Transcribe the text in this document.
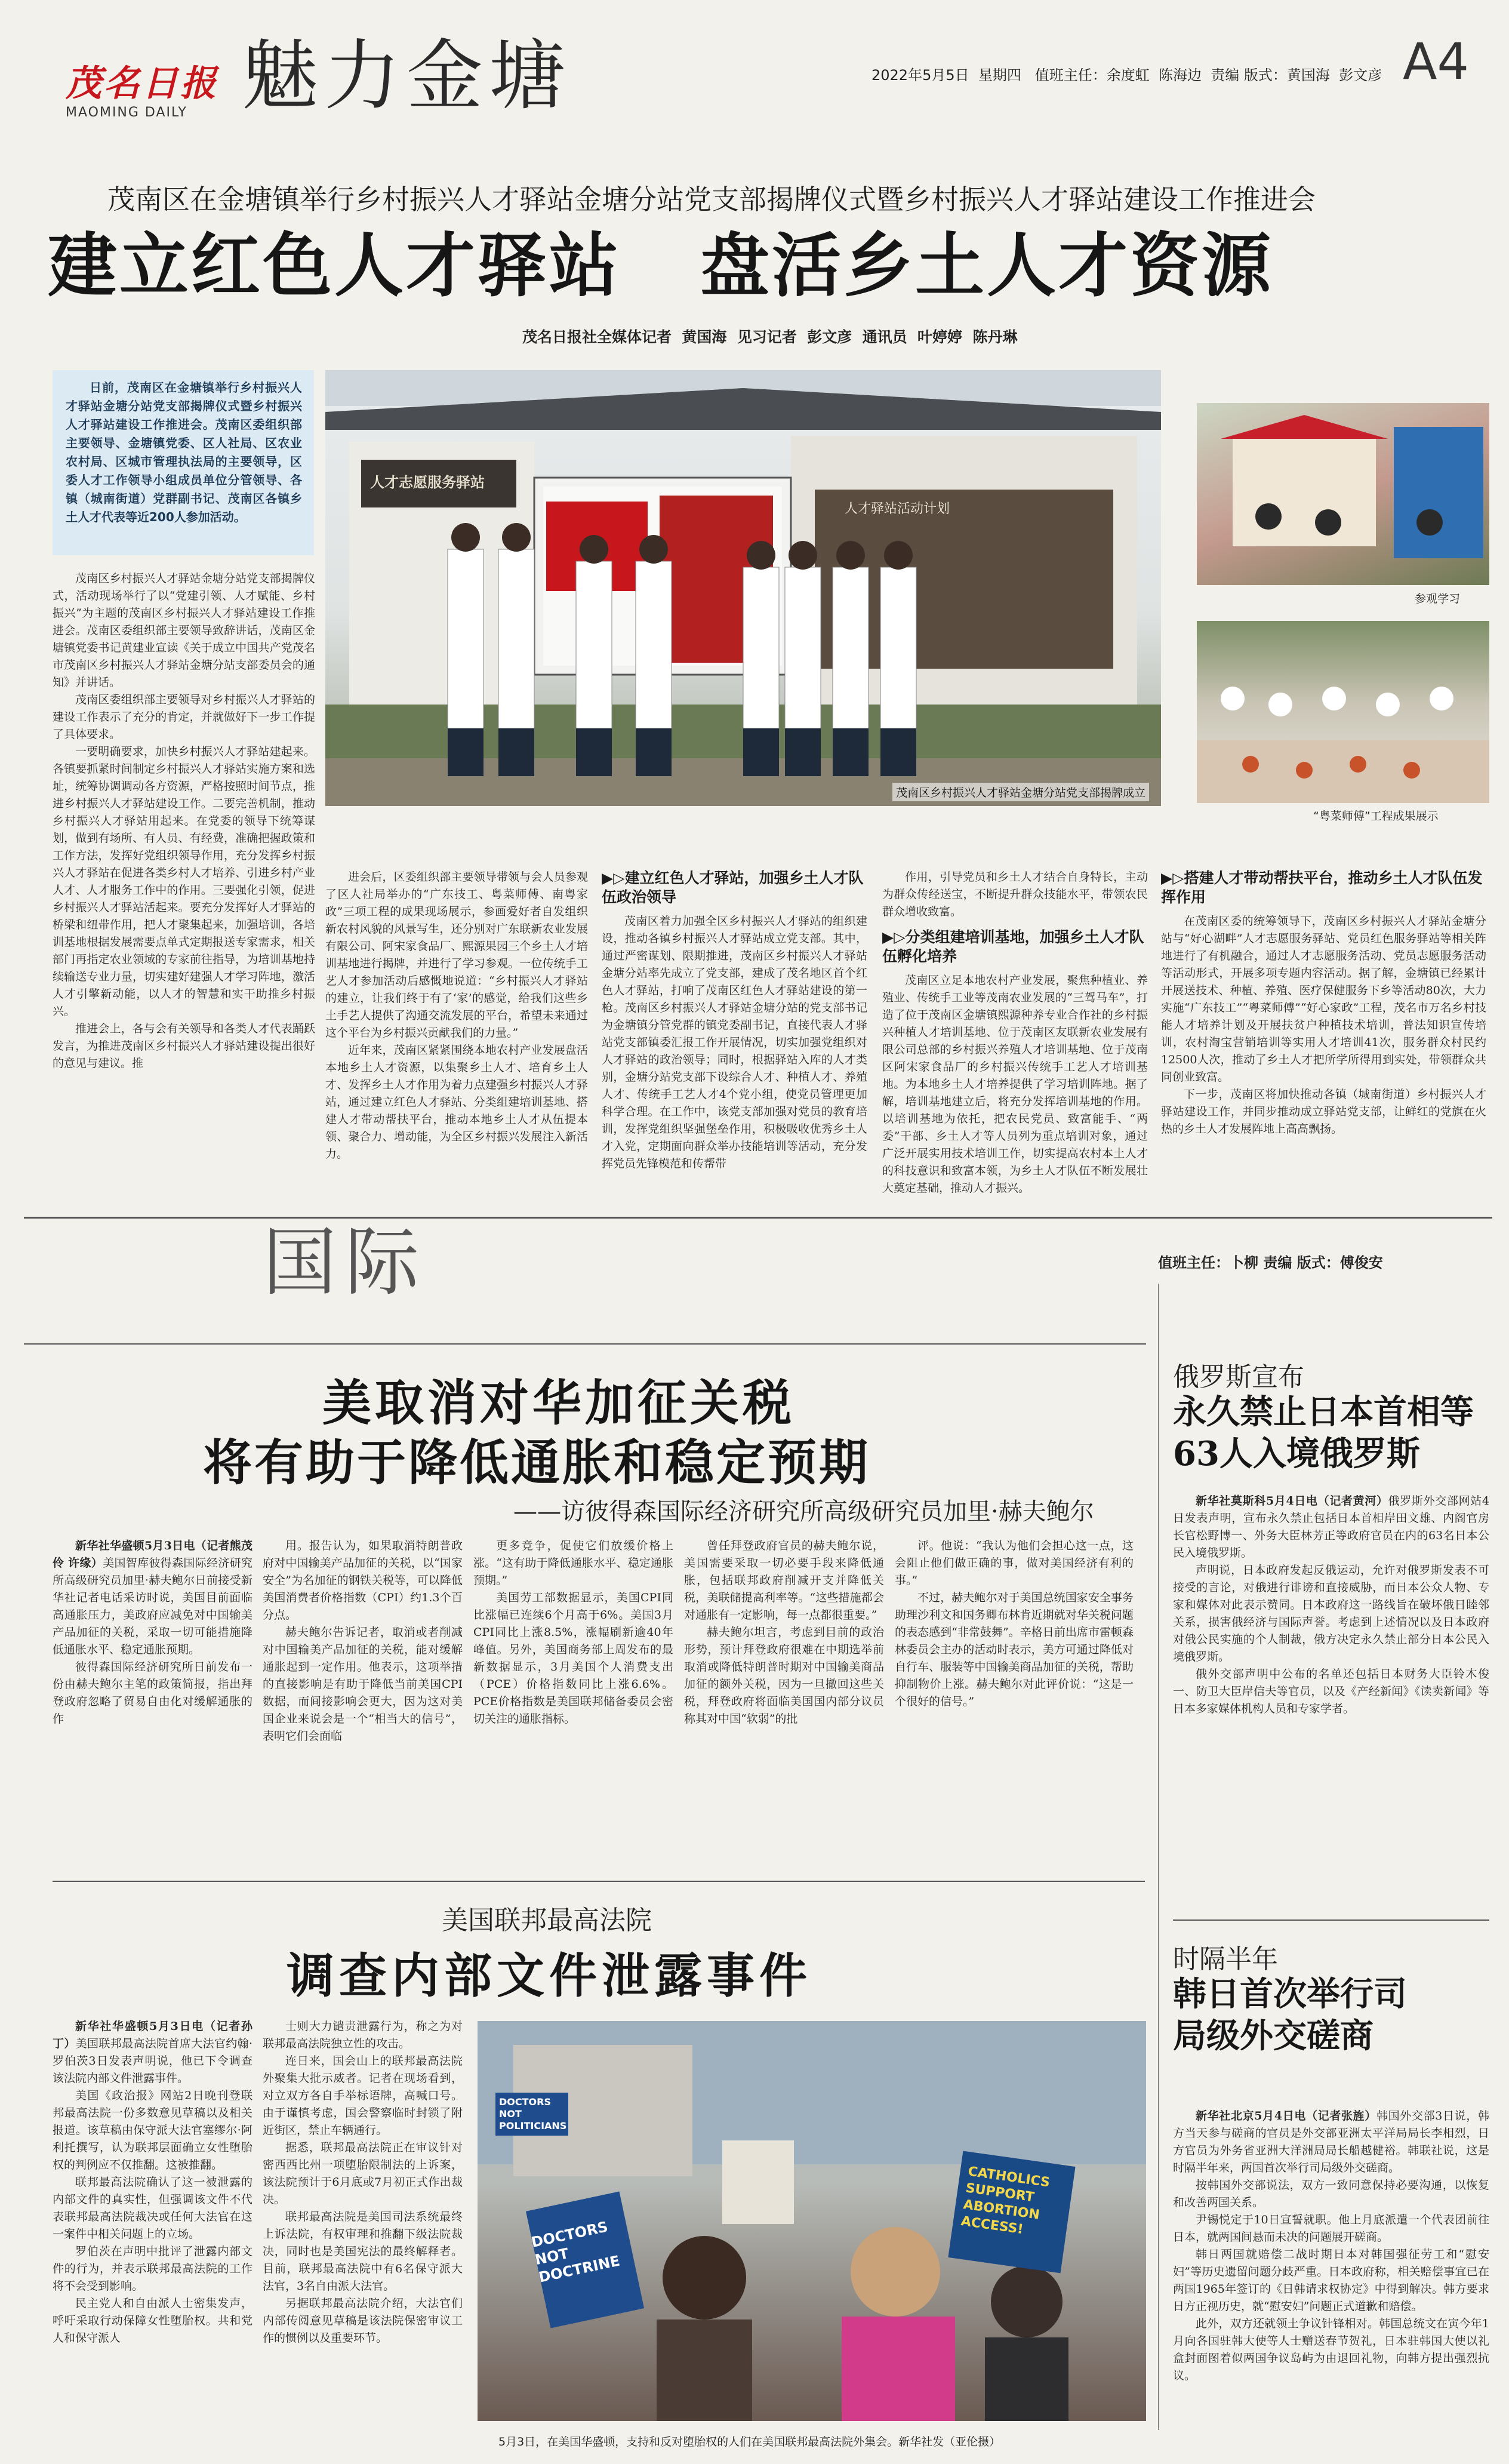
茂名日报
MAOMING DAILY 魅力金塘	2022年5月5日  星期四   值班主任：余度虹  陈海边  责编 版式：黄国海  彭文彦 A4
茂南区在金塘镇举行乡村振兴人才驿站金塘分站党支部揭牌仪式暨乡村振兴人才驿站建设工作推进会
建立红色人才驿站   盘活乡土人才资源
茂名日报社全媒体记者  黄国海  见习记者  彭文彦  通讯员  叶婷婷  陈丹琳
日前，茂南区在金塘镇举行乡村振兴人才驿站金塘分站党支部揭牌仪式暨乡村振兴人才驿站建设工作推进会。茂南区委组织部主要领导、金塘镇党委、区人社局、区农业农村局、区城市管理执法局的主要领导，区委人才工作领导小组成员单位分管领导、各镇（城南街道）党群副书记、茂南区各镇乡土人才代表等近200人参加活动。
人才志愿服务驿站
人才驿站活动计划
茂南区乡村振兴人才驿站金塘分站党支部揭牌成立
参观学习
“粤菜师傅”工程成果展示

茂南区乡村振兴人才驿站金塘分站党支部揭牌仪式，活动现场举行了以“党建引领、人才赋能、乡村振兴”为主题的茂南区乡村振兴人才驿站建设工作推进会。茂南区委组织部主要领导致辞讲话，茂南区金塘镇党委书记黄建业宣读《关于成立中国共产党茂名市茂南区乡村振兴人才驿站金塘分站支部委员会的通知》并讲话。

茂南区委组织部主要领导对乡村振兴人才驿站的建设工作表示了充分的肯定，并就做好下一步工作提了具体要求。

一要明确要求，加快乡村振兴人才驿站建起来。各镇要抓紧时间制定乡村振兴人才驿站实施方案和选址，统筹协调调动各方资源，严格按照时间节点，推进乡村振兴人才驿站建设工作。二要完善机制，推动乡村振兴人才驿站用起来。在党委的领导下统筹谋划，做到有场所、有人员、有经费，准确把握政策和工作方法，发挥好党组织领导作用，充分发挥乡村振兴人才驿站在促进各类乡村人才培养、引进乡村产业人才、人才服务工作中的作用。三要强化引领，促进乡村振兴人才驿站活起来。要充分发挥好人才驿站的桥梁和纽带作用，把人才聚集起来，加强培训，各培训基地根据发展需要点单式定期报送专家需求，相关部门再指定农业领域的专家前往指导，为培训基地持续输送专业力量，切实建好建强人才学习阵地，激活人才引擎新动能，以人才的智慧和实干助推乡村振兴。

推进会上，各与会有关领导和各类人才代表踊跃发言，为推进茂南区乡村振兴人才驿站建设提出很好的意见与建议。推

进会后，区委组织部主要领导带领与会人员参观了区人社局举办的“广东技工、粤菜师傅、南粤家政”三项工程的成果现场展示，参画爱好者自发组织新农村风貌的风景写生，还分别对广东联新农业发展有限公司、阿宋家食品厂、熙源果园三个乡土人才培训基地进行揭牌，并进行了学习参观。一位传统手工艺人才参加活动后感慨地说道：“乡村振兴人才驿站的建立，让我们终于有了‘家’的感觉，给我们这些乡土手艺人提供了沟通交流发展的平台，希望未来通过这个平台为乡村振兴贡献我们的力量。”

近年来，茂南区紧紧围绕本地农村产业发展盘活本地乡土人才资源，以集聚乡土人才、培育乡土人才、发挥乡土人才作用为着力点建强乡村振兴人才驿站，通过建立红色人才驿站、分类组建培训基地、搭建人才带动帮扶平台，推动本地乡土人才从伍提本领、聚合力、增动能，为全区乡村振兴发展注入新活力。

▶▷建立红色人才驿站，加强乡土人才队伍政治领导

茂南区着力加强全区乡村振兴人才驿站的组织建设，推动各镇乡村振兴人才驿站成立党支部。其中，通过严密谋划、限期推进，茂南区乡村振兴人才驿站金塘分站率先成立了党支部，建成了茂名地区首个红色人才驿站，打响了茂南区红色人才驿站建设的第一枪。茂南区乡村振兴人才驿站金塘分站的党支部书记为金塘镇分管党群的镇党委副书记，直接代表人才驿站党支部镇委汇报工作开展情况，切实加强党组织对人才驿站的政治领导；同时，根据驿站入库的人才类别，金塘分站党支部下设综合人才、种植人才、养殖人才、传统手工艺人才4个党小组，使党员管理更加科学合理。在工作中，该党支部加强对党员的教育培训，发挥党组织坚强堡垒作用，积极吸收优秀乡土人才入党，定期面向群众举办技能培训等活动，充分发挥党员先锋模范和传帮带

作用，引导党员和乡土人才结合自身特长，主动为群众传经送宝，不断提升群众技能水平，带领农民群众增收致富。

▶▷分类组建培训基地，加强乡土人才队伍孵化培养

茂南区立足本地农村产业发展，聚焦种植业、养殖业、传统手工业等茂南农业发展的“三驾马车”，打造了位于茂南区金塘镇熙源种养专业合作社的乡村振兴种植人才培训基地、位于茂南区友联新农业发展有限公司总部的乡村振兴养殖人才培训基地、位于茂南区阿宋家食品厂的乡村振兴传统手工艺人才培训基地。为本地乡土人才培养提供了学习培训阵地。据了解，培训基地建立后，将充分发挥培训基地的作用。以培训基地为依托，把农民党员、致富能手、“两委”干部、乡土人才等人员列为重点培训对象，通过广泛开展实用技术培训工作，切实提高农村本土人才的科技意识和致富本领，为乡土人才队伍不断发展壮大奠定基础，推动人才振兴。

▶▷搭建人才带动帮扶平台，推动乡土人才队伍发挥作用

在茂南区委的统筹领导下，茂南区乡村振兴人才驿站金塘分站与“好心湖畔”人才志愿服务驿站、党员红色服务驿站等相关阵地进行了有机融合，通过人才志愿服务活动、党员志愿服务活动等活动形式，开展多项专题内容活动。据了解，金塘镇已经累计开展送技术、种植、养殖、医疗保健服务下乡等活动80次，大力实施“广东技工”“粤菜师傅”“好心家政”工程，茂名市万名乡村技能人才培养计划及开展扶贫户种植技术培训，普法知识宣传培训，农村淘宝营销培训等实用人才培训41次，服务群众村民约12500人次，推动了乡土人才把所学所得用到实处，带领群众共同创业致富。

下一步，茂南区将加快推动各镇（城南街道）乡村振兴人才驿站建设工作，并同步推动成立驿站党支部，让鲜红的党旗在火热的乡土人才发展阵地上高高飘扬。

国际	值班主任：卜柳 责编 版式：傅俊安
美取消对华加征关税
将有助于降低通胀和稳定预期
——访彼得森国际经济研究所高级研究员加里·赫夫鲍尔

新华社华盛顿5月3日电（记者熊茂伶 许缘）美国智库彼得森国际经济研究所高级研究员加里·赫夫鲍尔日前接受新华社记者电话采访时说，美国目前面临高通胀压力，美政府应减免对中国输美产品加征的关税，采取一切可能措施降低通胀水平、稳定通胀预期。

彼得森国际经济研究所日前发布一份由赫夫鲍尔主笔的政策简报，指出拜登政府忽略了贸易自由化对缓解通胀的作

用。报告认为，如果取消特朗普政府对中国输美产品加征的关税，以“国家安全”为名加征的钢铁关税等，可以降低美国消费者价格指数（CPI）约1.3个百分点。

赫夫鲍尔告诉记者，取消或者削减对中国输美产品加征的关税，能对缓解通胀起到一定作用。他表示，这项举措的直接影响是有助于降低当前美国CPI数据，而间接影响会更大，因为这对美国企业来说会是一个“相当大的信号”，表明它们会面临

更多竞争，促使它们放缓价格上涨。“这有助于降低通胀水平、稳定通胀预期。”

美国劳工部数据显示，美国CPI同比涨幅已连续6个月高于6%。美国3月CPI同比上涨8.5%，涨幅刷新逾40年峰值。另外，美国商务部上周发布的最新数据显示，3月美国个人消费支出（PCE）价格指数同比上涨6.6%。PCE价格指数是美国联邦储备委员会密切关注的通胀指标。

曾任拜登政府官员的赫夫鲍尔说，美国需要采取一切必要手段来降低通胀，包括联邦政府削减开支并降低关税，美联储提高利率等。“这些措施都会对通胀有一定影响，每一点都很重要。”

赫夫鲍尔坦言，考虑到目前的政治形势，预计拜登政府很难在中期选举前取消或降低特朗普时期对中国输美商品加征的额外关税，因为一旦撤回这些关税，拜登政府将面临美国国内部分议员称其对中国“软弱”的批

评。他说：“我认为他们会担心这一点，这会阻止他们做正确的事，做对美国经济有利的事。”

不过，赫夫鲍尔对于美国总统国家安全事务助理沙利文和国务卿布林肯近期就对华关税问题的表态感到“非常鼓舞”。辛格日前出席市雷顿森林委员会主办的活动时表示，美方可通过降低对自行车、服装等中国输美商品加征的关税，帮助抑制物价上涨。赫夫鲍尔对此评价说：“这是一个很好的信号。”

美国联邦最高法院
调查内部文件泄露事件

新华社华盛顿5月3日电（记者孙丁）美国联邦最高法院首席大法官约翰·罗伯茨3日发表声明说，他已下令调查该法院内部文件泄露事件。

美国《政治报》网站2日晚刊登联邦最高法院一份多数意见草稿以及相关报道。该草稿由保守派大法官塞缪尔·阿利托撰写，认为联邦层面确立女性堕胎权的判例应不仅推翻。这被推翻。

联邦最高法院确认了这一被泄露的内部文件的真实性，但强调该文件不代表联邦最高法院裁决或任何大法官在这一案件中相关问题上的立场。

罗伯茨在声明中批评了泄露内部文件的行为，并表示联邦最高法院的工作将不会受到影响。

民主党人和自由派人士密集发声，呼吁采取行动保障女性堕胎权。共和党人和保守派人

士则大力谴责泄露行为，称之为对联邦最高法院独立性的攻击。

连日来，国会山上的联邦最高法院外聚集大批示威者。记者在现场看到，对立双方各自手举标语牌，高喊口号。由于谨慎考虑，国会警察临时封锁了附近街区，禁止车辆通行。

据悉，联邦最高法院正在审议针对密西西比州一项堕胎限制法的上诉案，该法院预计于6月底或7月初正式作出裁决。

联邦最高法院是美国司法系统最终上诉法院，有权审理和推翻下级法院裁决，同时也是美国宪法的最终解释者。目前，联邦最高法院中有6名保守派大法官，3名自由派大法官。

另据联邦最高法院介绍，大法官们内部传阅意见草稿是该法院保密审议工作的惯例以及重要环节。

DOCTORS NOT DOCTRINE
CATHOLICS SUPPORT ABORTION ACCESS!
DOCTORS NOT POLITICIANS
5月3日，在美国华盛顿，支持和反对堕胎权的人们在美国联邦最高法院外集会。新华社发（亚伦摄）
俄罗斯宣布
永久禁止日本首相等63人入境俄罗斯

新华社莫斯科5月4日电（记者黄河）俄罗斯外交部网站4日发表声明，宣布永久禁止包括日本首相岸田文雄、内阁官房长官松野博一、外务大臣林芳正等政府官员在内的63名日本公民入境俄罗斯。

声明说，日本政府发起反俄运动，允许对俄罗斯发表不可接受的言论，对俄进行诽谤和直接威胁，而日本公众人物、专家和媒体对此表示赞同。日本政府这一路线旨在破坏俄日睦邻关系，损害俄经济与国际声誉。考虑到上述情况以及日本政府对俄公民实施的个人制裁，俄方决定永久禁止部分日本公民入境俄罗斯。

俄外交部声明中公布的名单还包括日本财务大臣铃木俊一、防卫大臣岸信夫等官员，以及《产经新闻》《读卖新闻》等日本多家媒体机构人员和专家学者。

时隔半年
韩日首次举行司局级外交磋商

新华社北京5月4日电（记者张旌）韩国外交部3日说，韩方当天参与磋商的官员是外交部亚洲太平洋局局长李相烈，日方官员为外务省亚洲大洋洲局局长船越健裕。韩联社说，这是时隔半年来，两国首次举行司局级外交磋商。

按韩国外交部说法，双方一致同意保持必要沟通，以恢复和改善两国关系。

尹锡悦定于10日宣誓就职。他上月底派遣一个代表团前往日本，就两国间悬而未决的问题展开磋商。

韩日两国就赔偿二战时期日本对韩国强征劳工和“慰安妇”等历史遗留问题分歧严重。日本政府称，相关赔偿事宜已在两国1965年签订的《日韩请求权协定》中得到解决。韩方要求日方正视历史，就“慰安妇”问题正式道歉和赔偿。

此外，双方还就领土争议针锋相对。韩国总统文在寅今年1月向各国驻韩大使等人士赠送春节贺礼，日本驻韩国大使以礼盒封面图着似两国争议岛屿为由退回礼物，向韩方提出强烈抗议。
